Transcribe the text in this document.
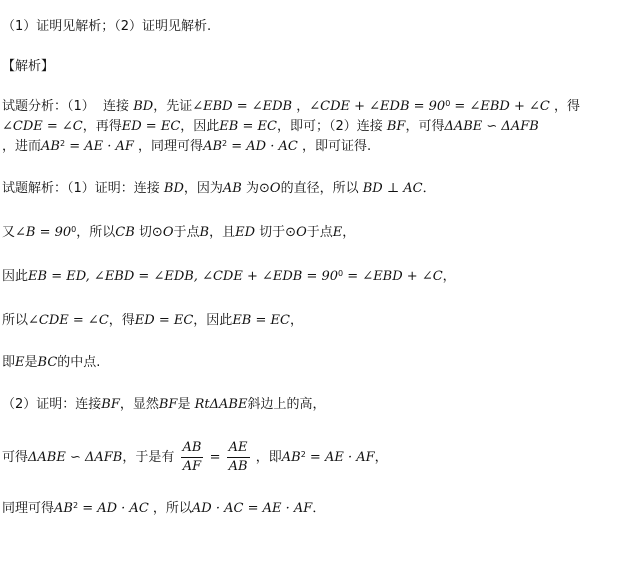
（1）证明见解析；（2）证明见解析.
【解析】
试题分析：（1） 连接 BD，先证∠EBD = ∠EDB ，∠CDE + ∠EDB = $90^0$ = ∠EBD + ∠C ，得
∠CDE = ∠C，再得ED = EC，因此EB = EC，即可；（2）连接 BF，可得ΔABE ∽ ΔAFB
，进而$AB^2$ = AE · AF ，同理可得$AB^2$ = AD · AC ，即可证得.
试题解析：（1）证明：连接 BD，因为AB 为⊙O的直径，所以 BD ⊥ AC．
又∠B = $90^0$，所以CB 切⊙O于点B，且ED 切于⊙O于点E，
因此EB = ED, ∠EBD = ∠EDB, ∠CDE + ∠EDB = $90^0$ = ∠EBD + ∠C，
所以∠CDE = ∠C，得ED = EC，因此EB = EC，
即E是BC的中点.
（2）证明：连接BF，显然BF是 RtΔABE斜边上的高，
可得ΔABE ∽ ΔAFB，于是有 $\frac{AB}{AF} = \frac{AE}{AB}$ ，即$AB^2$ = AE · AF，
同理可得$AB^2$ = AD · AC ，所以AD · AC = AE · AF．
